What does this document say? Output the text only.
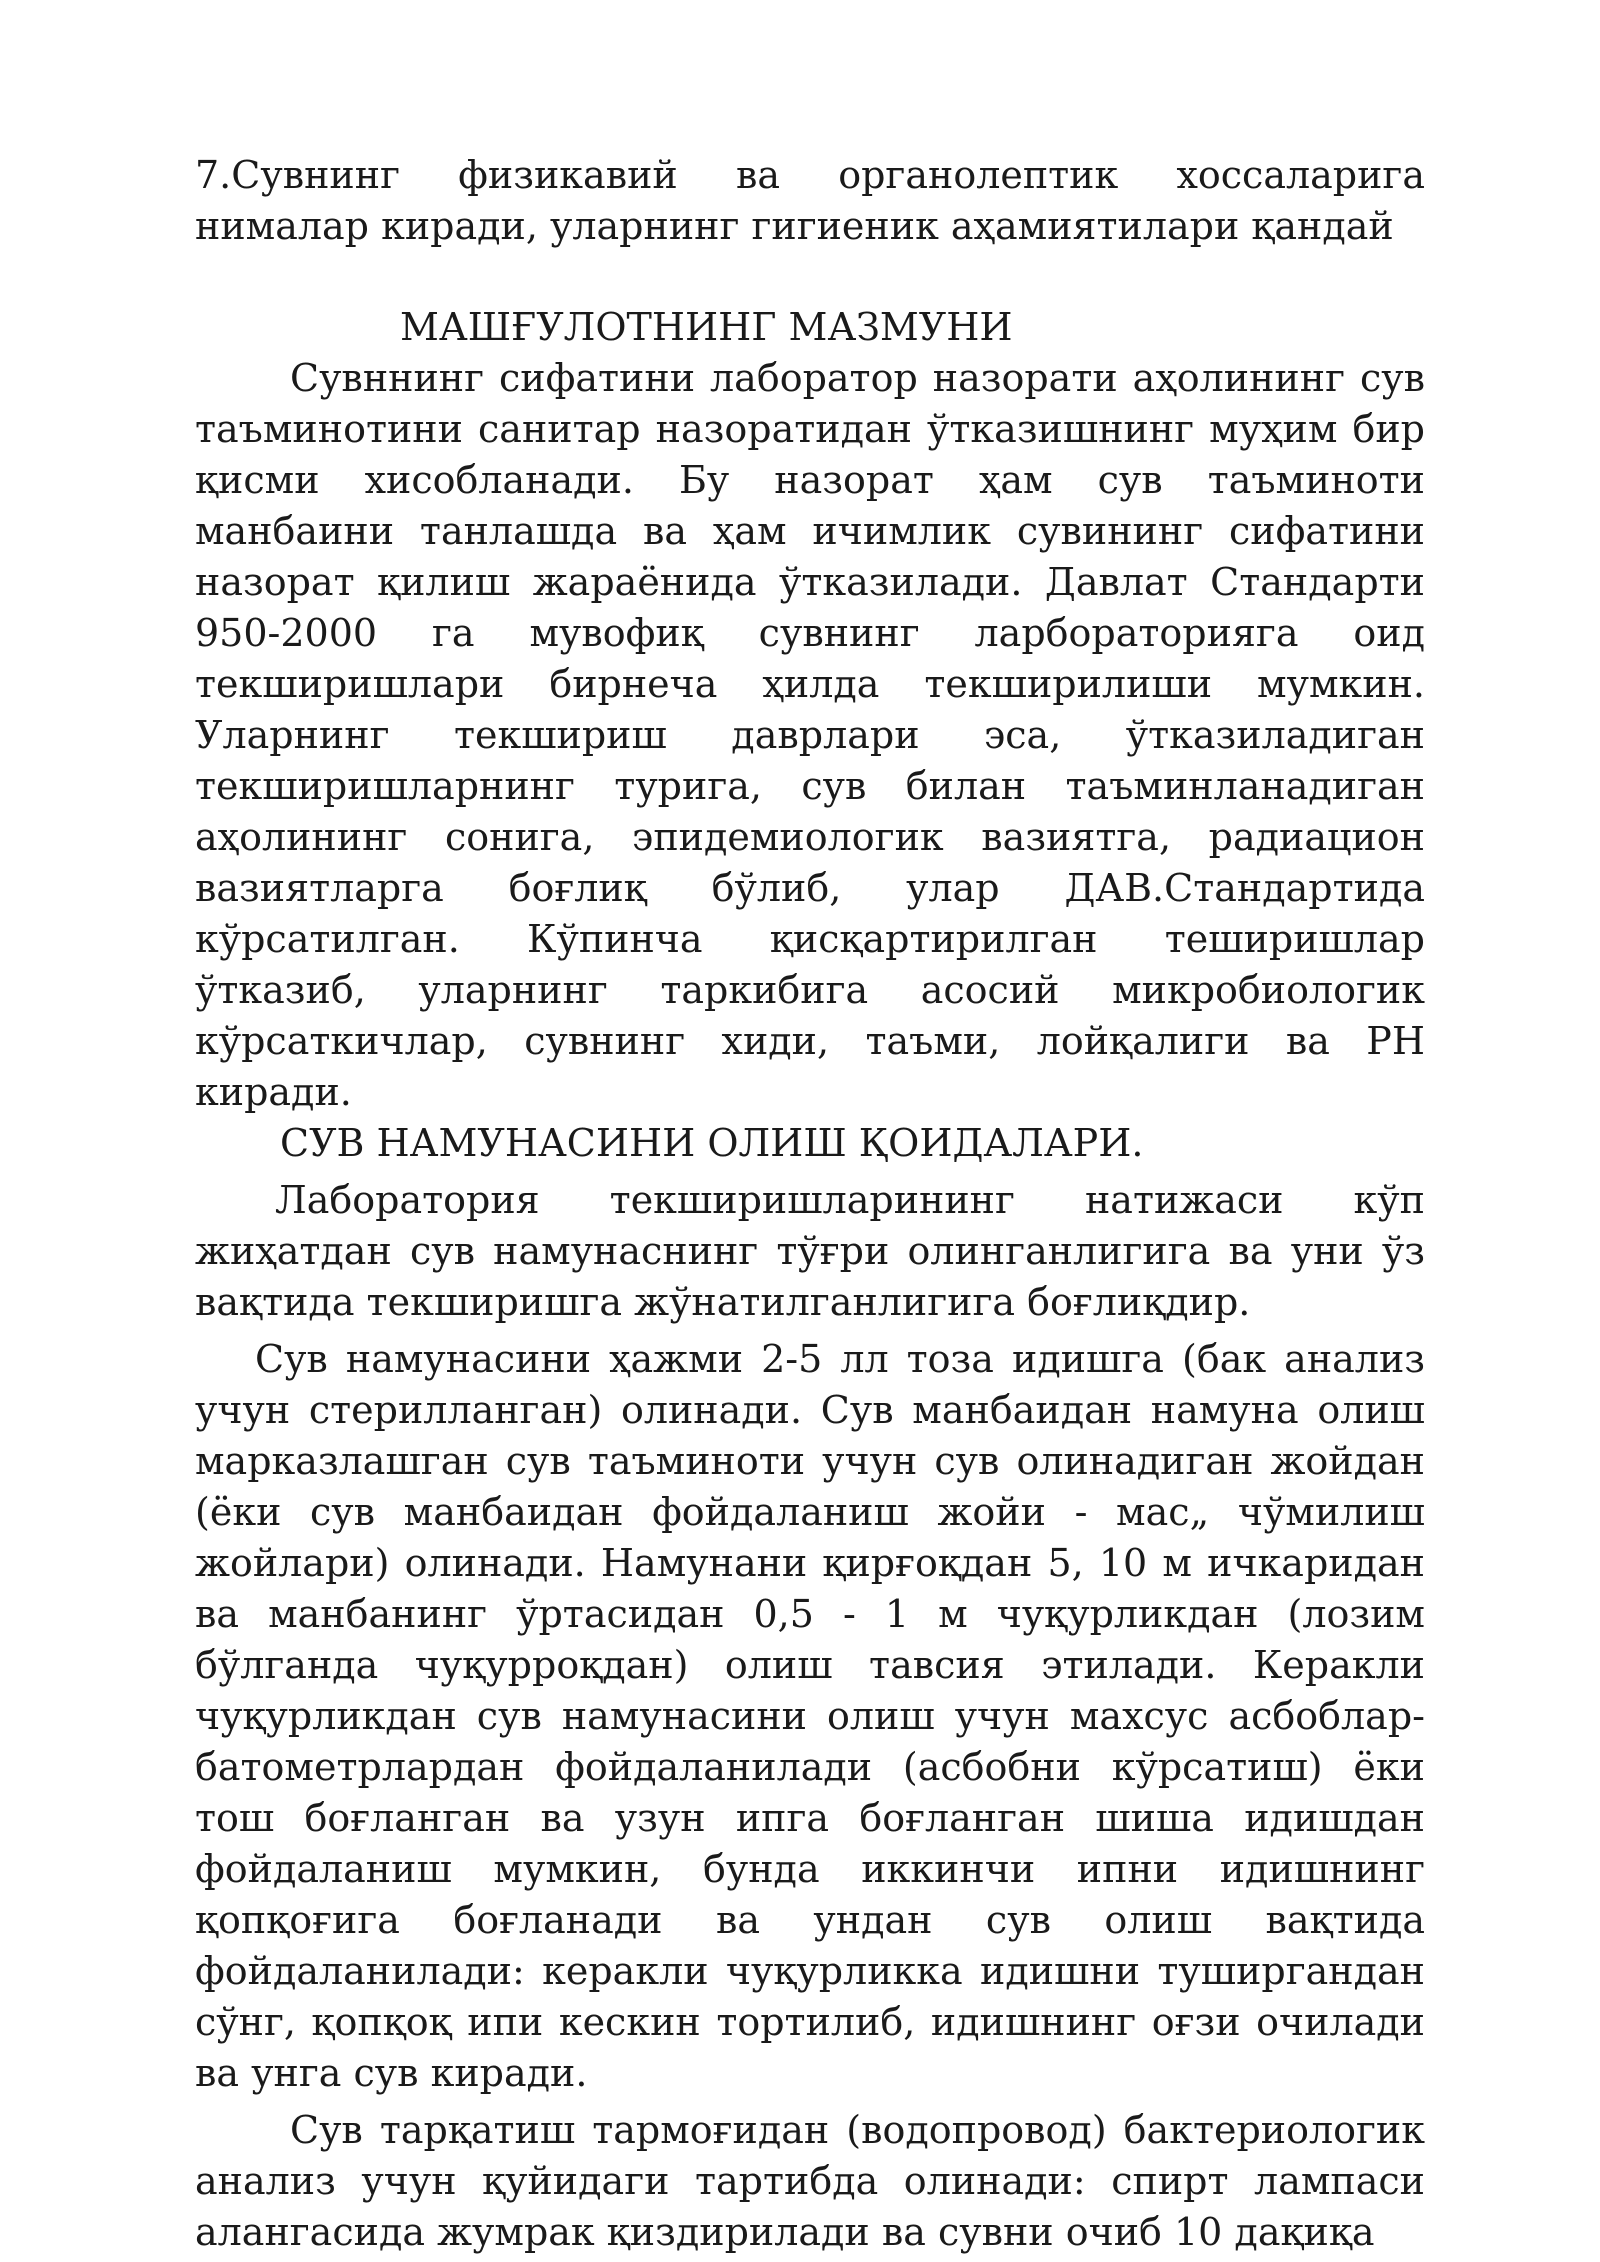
7.Сувнинг физикавий ва органолептик хоссаларига нималар киради, уларнинг гигиеник аҳамиятилари қандай

МАШҒУЛОТНИНГ МАЗМУНИ

Сувннинг сифатини лаборатор назорати аҳолининг сув таъминотини санитар назоратидан ўтказишнинг муҳим бир қисми хисобланади. Бу назорат ҳам сув таъминоти манбаини танлашда ва ҳам ичимлик сувининг сифатини назорат қилиш жараёнида ўтказилади. Давлат Стандарти 950-2000 га мувофиқ сувнинг ларбораторияга оид текширишлари бирнеча ҳилда текширилиши мумкин. Уларнинг текшириш даврлари эса, ўтказиладиган текширишларнинг турига, сув билан таъминланадиган аҳолининг сонига, эпидемиологик вазиятга, радиацион вазиятларга боғлиқ бўлиб, улар ДАВ.Стандартида кўрсатилган. Кўпинча қисқартирилган теширишлар ўтказиб, уларнинг таркибига асосий микробиологик кўрсаткичлар, сувнинг хиди, таъми, лойқалиги ва PH киради.

СУВ НАМУНАСИНИ ОЛИШ ҚОИДАЛАРИ.

Лаборатория текширишларининг натижаси кўп жиҳатдан сув намунаснинг тўғри олинганлигига ва уни ўз вақтида текширишга жўнатилганлигига боғлиқдир.

Сув намунасини ҳажми 2-5 лл тоза идишга (бак анализ учун стерилланган) олинади. Сув манбаидан намуна олиш марказлашган сув таъминоти учун сув олинадиган жойдан (ёки сув манбаидан фойдаланиш жойи - мас„ чўмилиш жойлари) олинади. Намунани қирғоқдан 5, 10 м ичкаридан ва манбанинг ўртасидан 0,5 - 1 м чуқурликдан (лозим бўлганда чуқурроқдан) олиш тавсия этилади. Керакли чуқурликдан сув намунасини олиш учун махсус асбоблар-батометрлардан фойдаланилади (асбобни кўрсатиш) ёки тош боғланган ва узун ипга боғланган шиша идишдан фойдаланиш мумкин, бунда иккинчи ипни идишнинг қопқоғига боғланади ва ундан сув олиш вақтида фойдаланилади: керакли чуқурликка идишни туширгандан сўнг, қопқоқ ипи кескин тортилиб, идишнинг оғзи очилади ва унга сув киради.

Сув тарқатиш тармоғидан (водопровод) бактериологик анализ учун қуйидаги тартибда олинади: спирт лампаси алангасида жумрак қиздирилади ва сувни очиб 10 дақиқа
